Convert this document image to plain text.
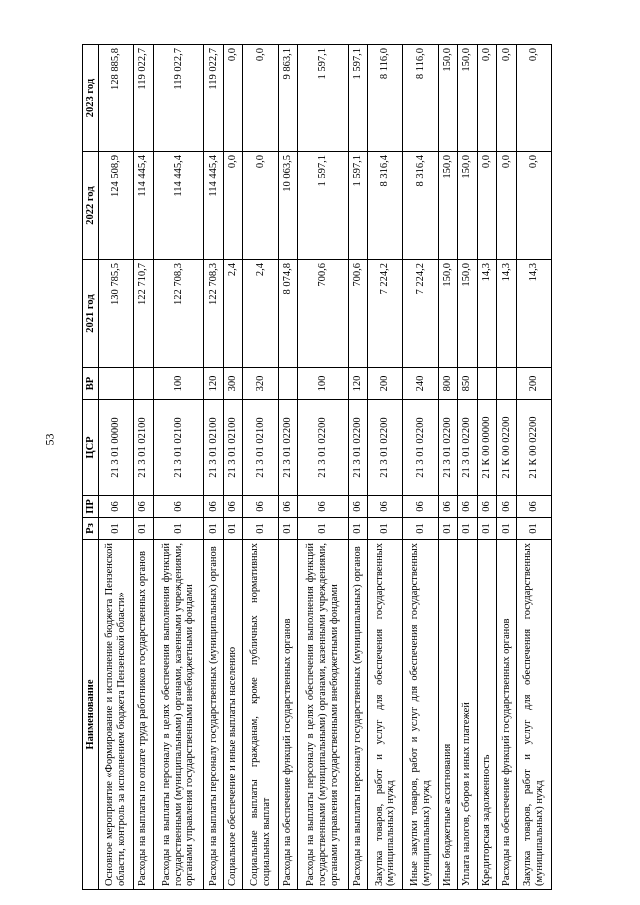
53
Наименование	Рз	ПР	ЦСР	ВР	2021 год	2022 год	2023 год
Основное мероприятие «Формирование и исполнение бюджета Пензенской области, контроль за исполнением бюджета Пензенской области»	01	06	21 3 01 00000		130 785,5	124 508,9	128 885,8
Расходы на выплаты по оплате труда работников государственных органов	01	06	21 3 01 02100		122 710,7	114 445,4	119 022,7
Расходы на выплаты персоналу в целях обеспечения выполнения функций государственными (муниципальными) органами, казенными учреждениями, органами управления государственными внебюджетными фондами	01	06	21 3 01 02100	100	122 708,3	114 445,4	119 022,7
Расходы на выплаты персоналу государственных (муниципальных) органов	01	06	21 3 01 02100	120	122 708,3	114 445,4	119 022,7
Социальное обеспечение и иные выплаты населению	01	06	21 3 01 02100	300	2,4	0,0	0,0
Социальные выплаты гражданам, кроме публичных нормативных социальных выплат	01	06	21 3 01 02100	320	2,4	0,0	0,0
Расходы на обеспечение функций государственных органов	01	06	21 3 01 02200		8 074,8	10 063,5	9 863,1
Расходы на выплаты персоналу в целях обеспечения выполнения функций государственными (муниципальными) органами, казенными учреждениями, органами управления государственными внебюджетными фондами	01	06	21 3 01 02200	100	700,6	1 597,1	1 597,1
Расходы на выплаты персоналу государственных (муниципальных) органов	01	06	21 3 01 02200	120	700,6	1 597,1	1 597,1
Закупка товаров, работ и услуг для обеспечения государственных (муниципальных) нужд	01	06	21 3 01 02200	200	7 224,2	8 316,4	8 116,0
Иные закупки товаров, работ и услуг для обеспечения государственных (муниципальных) нужд	01	06	21 3 01 02200	240	7 224,2	8 316,4	8 116,0
Иные бюджетные ассигнования	01	06	21 3 01 02200	800	150,0	150,0	150,0
Уплата налогов, сборов и иных платежей	01	06	21 3 01 02200	850	150,0	150,0	150,0
Кредиторская задолженность	01	06	21 К 00 00000		14,3	0,0	0,0
Расходы на обеспечение функций государственных органов	01	06	21 К 00 02200		14,3	0,0	0,0
Закупка товаров, работ и услуг для обеспечения государственных (муниципальных) нужд	01	06	21 К 00 02200	200	14,3	0,0	0,0
